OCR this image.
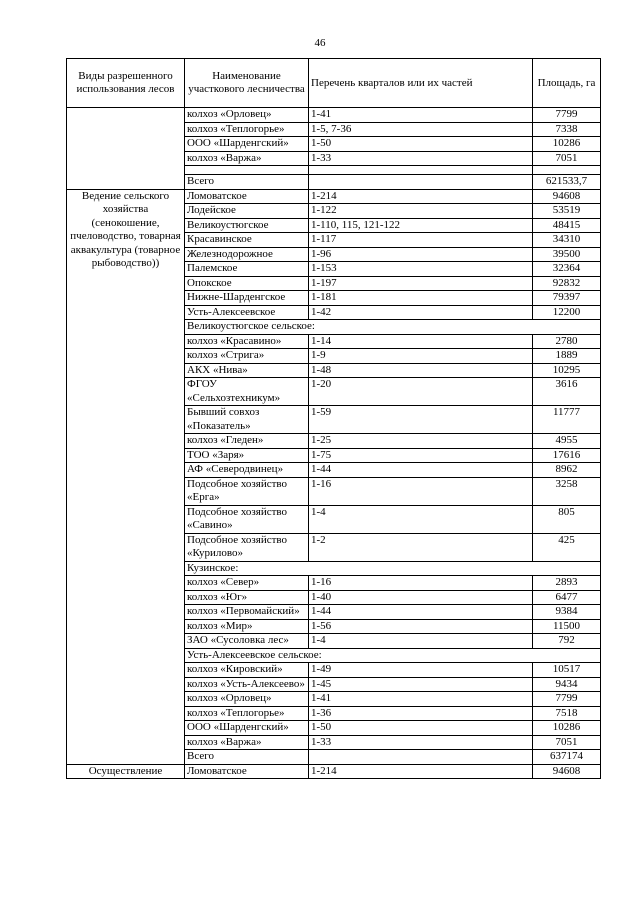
46
Виды разрешенного использования лесов	Наименование участкового лесничества	Перечень кварталов или их частей	Площадь, га
	колхоз «Орловец»	1-41	7799
	колхоз «Теплогорье»	1-5, 7-36	7338
	ООО «Шарденгский»	1-50	10286
	колхоз «Варжа»	1-33	7051

	Всего		621533,7
Ведение сельского хозяйства (сенокошение, пчеловодство, товарная аквакультура (товарное рыбоводство))	Ломоватское	1-214	94608
	Лодейское	1-122	53519
	Великоустюгское	1-110, 115, 121-122	48415
	Красавинское	1-117	34310
	Железнодорожное	1-96	39500
	Палемское	1-153	32364
	Опокское	1-197	92832
	Нижне-Шарденгское	1-181	79397
	Усть-Алексеевское	1-42	12200
	Великоустюгское сельское:		
	колхоз «Красавино»	1-14	2780
	колхоз «Стрига»	1-9	1889
	АКХ «Нива»	1-48	10295
	ФГОУ «Сельхозтехникум»	1-20	3616
	Бывший совхоз «Показатель»	1-59	11777
	колхоз «Гледен»	1-25	4955
	ТОО «Заря»	1-75	17616
	АФ «Северодвинец»	1-44	8962
	Подсобное хозяйство «Ерга»	1-16	3258
	Подсобное хозяйство «Савино»	1-4	805
	Подсобное хозяйство «Курилово»	1-2	425
	Кузинское:		
	колхоз «Север»	1-16	2893
	колхоз «Юг»	1-40	6477
	колхоз «Первомайский»	1-44	9384
	колхоз «Мир»	1-56	11500
	ЗАО «Сусоловка лес»	1-4	792
	Усть-Алексеевское сельское:		
	колхоз «Кировский»	1-49	10517
	колхоз «Усть-Алексеево»	1-45	9434
	колхоз «Орловец»	1-41	7799
	колхоз «Теплогорье»	1-36	7518
	ООО «Шарденгский»	1-50	10286
	колхоз «Варжа»	1-33	7051
	Всего		637174
Осуществление	Ломоватское	1-214	94608
